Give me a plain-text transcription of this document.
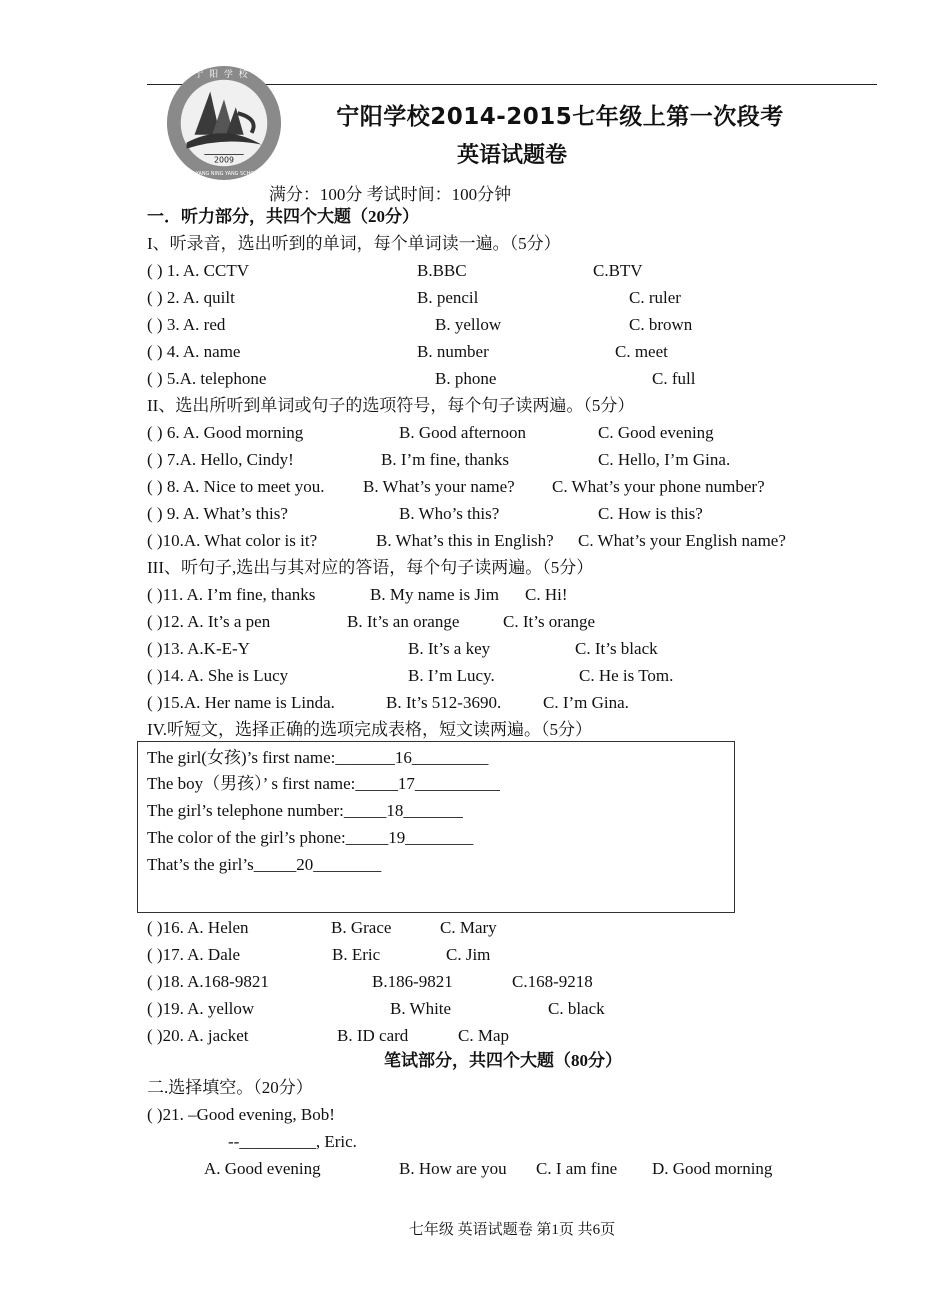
2009
宁阳学校
AN YANG NING YANG SCHOOL
宁阳学校2014-2015七年级上第一次段考
英语试题卷
满分：100分 考试时间：100分钟
一．听力部分，共四个大题（20分）
I、听录音，选出听到的单词，每个单词读一遍。（5分）
( ) 1. A. CCTV	B.BBC	C.BTV
( ) 2. A. quilt	B. pencil	C. ruler
( ) 3. A. red	B. yellow	C. brown
( ) 4. A. name	B. number	C. meet
( ) 5.A. telephone	B. phone	C. full
II、选出所听到单词或句子的选项符号，每个句子读两遍。（5分）
( ) 6. A. Good morning	B. Good afternoon	C. Good evening
( ) 7.A. Hello, Cindy!	B. I’m fine, thanks	C. Hello, I’m Gina.
( ) 8. A. Nice to meet you. B. What’s your name? C. What’s your phone number?
( ) 9. A. What’s this?	B. Who’s this?	C. How is this?
( )10.A. What color is it?	B. What’s this in English? C. What’s your English name?
III、听句子,选出与其对应的答语，每个句子读两遍。（5分）
( )11. A. I’m fine, thanks	B. My name is Jim C. Hi!
( )12. A. It’s a pen	B. It’s an orange	C. It’s orange
( )13. A.K-E-Y	B. It’s a key	C. It’s black
( )14. A. She is Lucy	B. I’m Lucy.	C. He is Tom.
( )15.A. Her name is Linda.	B. It’s 512-3690. C. I’m Gina.
IV.听短文，选择正确的选项完成表格，短文读两遍。（5分）
The girl(女孩)’s first name:_______16_________
The boy（男孩）’ s first name:_____17__________
The girl’s telephone number:_____18_______
The color of the girl’s phone:_____19________
That’s the girl’s_____20________
( )16. A. Helen	B. Grace	C. Mary
( )17. A. Dale	B. Eric	C. Jim
( )18. A.168-9821	B.186-9821	C.168-9218
( )19. A. yellow	B. White	C. black
( )20. A. jacket	B. ID card	C. Map
笔试部分，共四个大题（80分）
二.选择填空。（20分）
( )21. –Good evening, Bob!
--_________, Eric.
A. Good evening	B. How are you C. I am fine D. Good morning
七年级 英语试题卷 第1页 共6页
